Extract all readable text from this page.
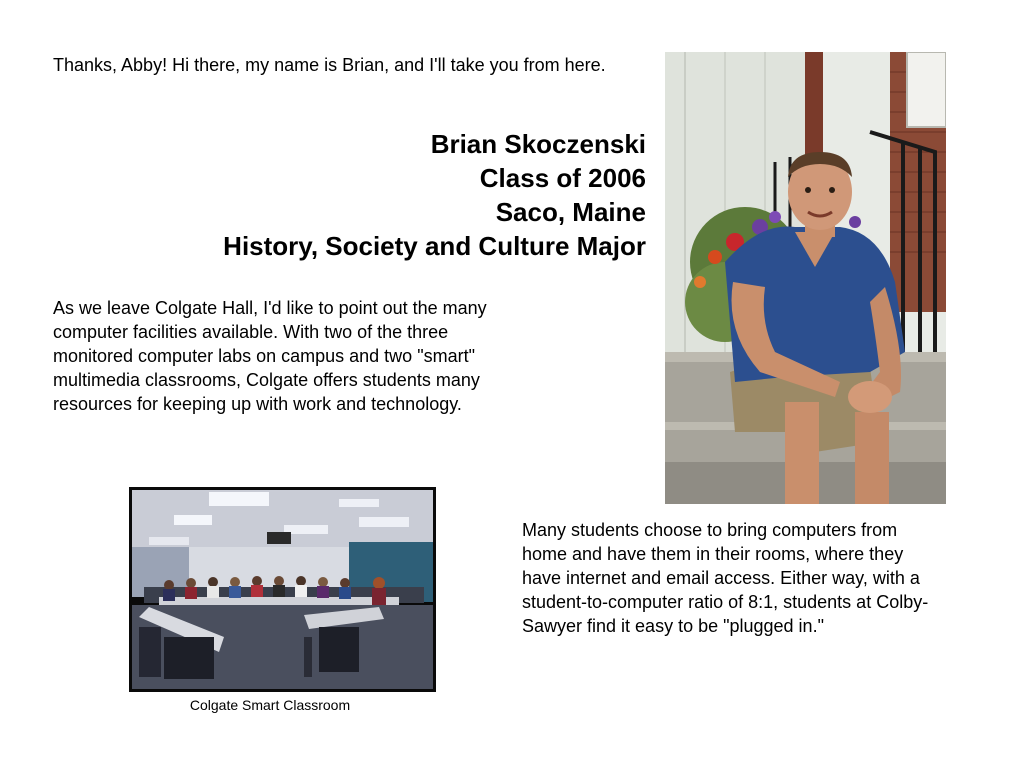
Thanks, Abby! Hi there, my name is Brian, and I'll take you from here.

Brian Skoczenski
Class of 2006
Saco, Maine
History, Society and Culture Major

As we leave Colgate Hall, I'd like to point out the many computer facilities available. With two of the three monitored computer labs on campus and two "smart" multimedia classrooms, Colgate offers students many resources for keeping up with work and technology.

Colgate Smart Classroom

Many students choose to bring computers from home and have them in their rooms, where they have internet and email access. Either way, with a student-to-computer ratio of 8:1, students at Colby-Sawyer find it easy to be "plugged in."
